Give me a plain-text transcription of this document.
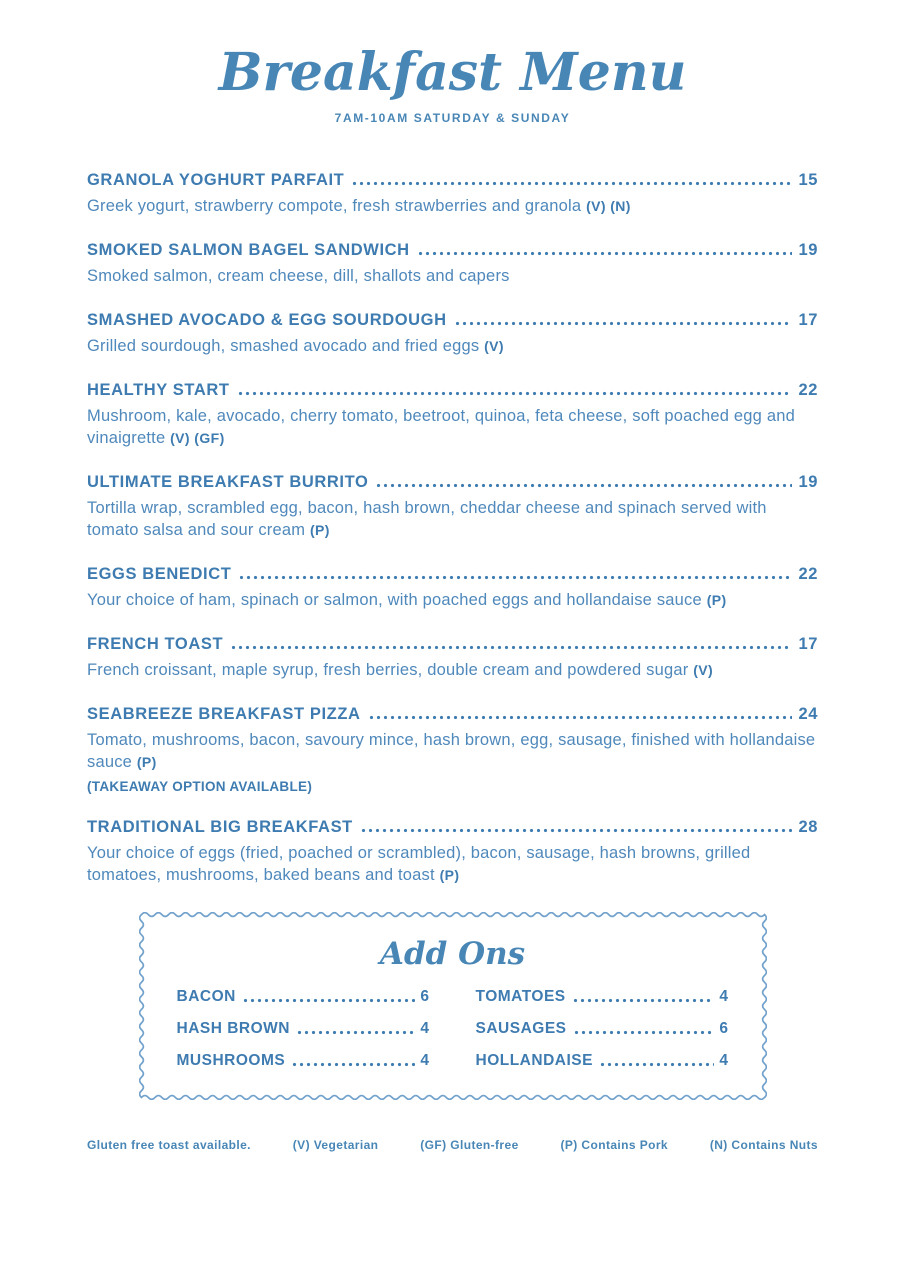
Breakfast Menu
7AM-10AM SATURDAY & SUNDAY
GRANOLA YOGHURT PARFAIT	15
Greek yogurt, strawberry compote, fresh strawberries and granola (V) (N)
SMOKED SALMON BAGEL SANDWICH	19
Smoked salmon, cream cheese, dill, shallots and capers
SMASHED AVOCADO & EGG SOURDOUGH	17
Grilled sourdough, smashed avocado and fried eggs (V)
HEALTHY START	22
Mushroom, kale, avocado, cherry tomato, beetroot, quinoa, feta cheese, soft poached egg and vinaigrette (V) (GF)
ULTIMATE BREAKFAST BURRITO	19
Tortilla wrap, scrambled egg, bacon, hash brown, cheddar cheese and spinach served with tomato salsa and sour cream (P)
EGGS BENEDICT	22
Your choice of ham, spinach or salmon, with poached eggs and hollandaise sauce (P)
FRENCH TOAST	17
French croissant, maple syrup, fresh berries, double cream and powdered sugar (V)
SEABREEZE BREAKFAST PIZZA	24
Tomato, mushrooms, bacon, savoury mince, hash brown, egg, sausage, finished with hollandaise sauce (P)
(TAKEAWAY OPTION AVAILABLE)
TRADITIONAL BIG BREAKFAST	28
Your choice of eggs (fried, poached or scrambled), bacon, sausage, hash browns, grilled tomatoes, mushrooms, baked beans and toast (P)
Add Ons
BACON	6	TOMATOES	4
HASH BROWN	4	SAUSAGES	6
MUSHROOMS	4	HOLLANDAISE	4
Gluten free toast available.	(V) Vegetarian	(GF) Gluten-free	(P) Contains Pork	(N) Contains Nuts
